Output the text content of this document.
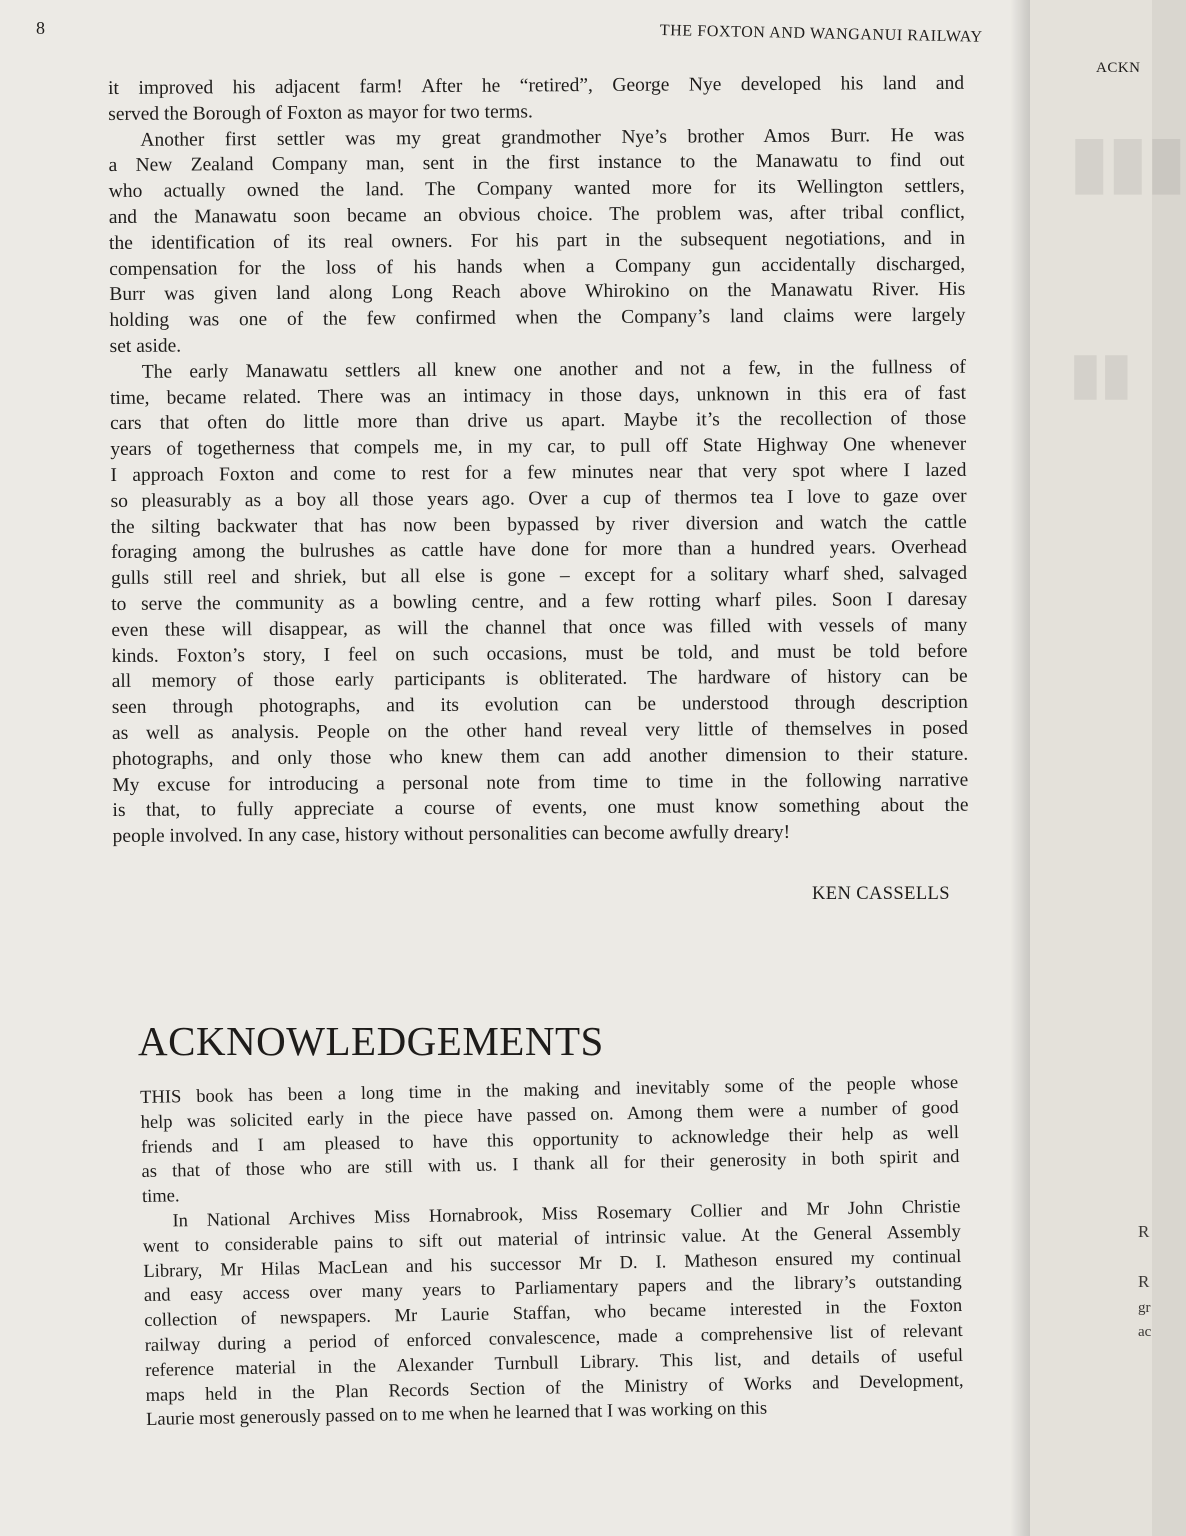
8	THE FOXTON AND WANGANUI RAILWAY
it improved his adjacent farm! After he “retired”, George Nye developed his land and
served the Borough of Foxton as mayor for two terms.
Another first settler was my great grandmother Nye’s brother Amos Burr. He was
a New Zealand Company man, sent in the first instance to the Manawatu to find out
who actually owned the land. The Company wanted more for its Wellington settlers,
and the Manawatu soon became an obvious choice. The problem was, after tribal conflict,
the identification of its real owners. For his part in the subsequent negotiations, and in
compensation for the loss of his hands when a Company gun accidentally discharged,
Burr was given land along Long Reach above Whirokino on the Manawatu River. His
holding was one of the few confirmed when the Company’s land claims were largely
set aside.
The early Manawatu settlers all knew one another and not a few, in the fullness of
time, became related. There was an intimacy in those days, unknown in this era of fast
cars that often do little more than drive us apart. Maybe it’s the recollection of those
years of togetherness that compels me, in my car, to pull off State Highway One whenever
I approach Foxton and come to rest for a few minutes near that very spot where I lazed
so pleasurably as a boy all those years ago. Over a cup of thermos tea I love to gaze over
the silting backwater that has now been bypassed by river diversion and watch the cattle
foraging among the bulrushes as cattle have done for more than a hundred years. Overhead
gulls still reel and shriek, but all else is gone – except for a solitary wharf shed, salvaged
to serve the community as a bowling centre, and a few rotting wharf piles. Soon I daresay
even these will disappear, as will the channel that once was filled with vessels of many
kinds. Foxton’s story, I feel on such occasions, must be told, and must be told before
all memory of those early participants is obliterated. The hardware of history can be
seen through photographs, and its evolution can be understood through description
as well as analysis. People on the other hand reveal very little of themselves in posed
photographs, and only those who knew them can add another dimension to their stature.
My excuse for introducing a personal note from time to time in the following narrative
is that, to fully appreciate a course of events, one must know something about the
people involved. In any case, history without personalities can become awfully dreary!
KEN CASSELLS
ACKNOWLEDGEMENTS
THIS book has been a long time in the making and inevitably some of the people whose
help was solicited early in the piece have passed on. Among them were a number of good
friends and I am pleased to have this opportunity to acknowledge their help as well
as that of those who are still with us. I thank all for their generosity in both spirit and
time.
In National Archives Miss Hornabrook, Miss Rosemary Collier and Mr John Christie
went to considerable pains to sift out material of intrinsic value. At the General Assembly
Library, Mr Hilas MacLean and his successor Mr D. I. Matheson ensured my continual
and easy access over many years to Parliamentary papers and the library’s outstanding
collection of newspapers. Mr Laurie Staffan, who became interested in the Foxton
railway during a period of enforced convalescence, made a comprehensive list of relevant
reference material in the Alexander Turnbull Library. This list, and details of useful
maps held in the Plan Records Section of the Ministry of Works and Development,
Laurie most generously passed on to me when he learned that I was working on this
▮▮▮
▮▮
ACKN
R
R
gr
ac
